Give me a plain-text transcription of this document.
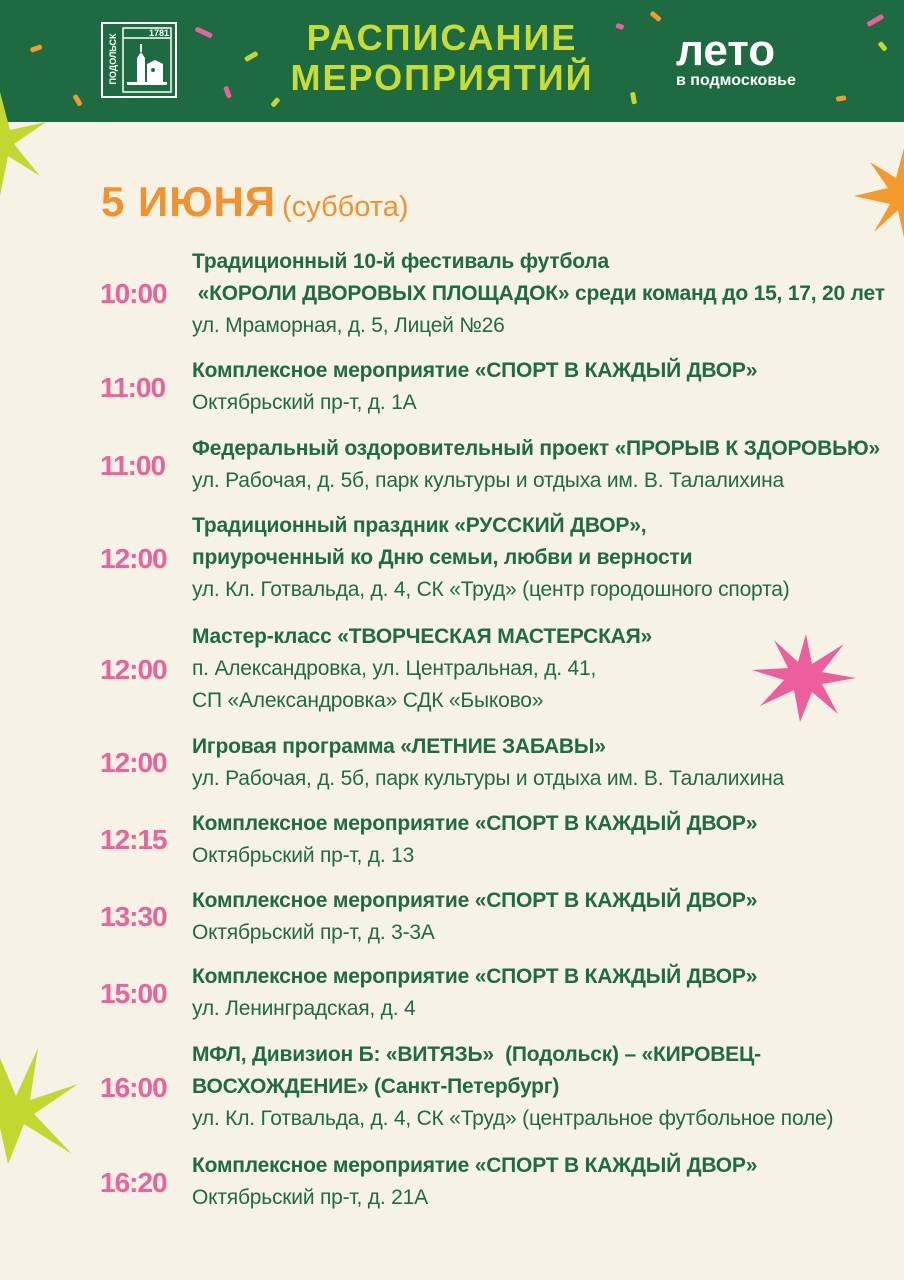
ПОДОЛЬСК
1781	РАСПИСАНИЕ
МЕРОПРИЯТИЙ
лето
в подмосковье
5 ИЮНЯ (суббота)
10:00
Традиционный 10-й фестиваль футбола
«КОРОЛИ ДВОРОВЫХ ПЛОЩАДОК» среди команд до 15, 17, 20 лет
ул. Мраморная, д. 5, Лицей №26
11:00
Комплексное мероприятие «СПОРТ В КАЖДЫЙ ДВОР»
Октябрьский пр-т, д. 1А
11:00
Федеральный оздоровительный проект «ПРОРЫВ К ЗДОРОВЬЮ»
ул. Рабочая, д. 5б, парк культуры и отдыха им. В. Талалихина
12:00
Традиционный праздник «РУССКИЙ ДВОР»,
приуроченный ко Дню семьи, любви и верности
ул. Кл. Готвальда, д. 4, СК «Труд» (центр городошного спорта)
12:00
Мастер-класс «ТВОРЧЕСКАЯ МАСТЕРСКАЯ»
п. Александровка, ул. Центральная, д. 41,
СП «Александровка» СДК «Быково»
12:00
Игровая программа «ЛЕТНИЕ ЗАБАВЫ»
ул. Рабочая, д. 5б, парк культуры и отдыха им. В. Талалихина
12:15
Комплексное мероприятие «СПОРТ В КАЖДЫЙ ДВОР»
Октябрьский пр-т, д. 13
13:30
Комплексное мероприятие «СПОРТ В КАЖДЫЙ ДВОР»
Октябрьский пр-т, д. 3-3А
15:00
Комплексное мероприятие «СПОРТ В КАЖДЫЙ ДВОР»
ул. Ленинградская, д. 4
16:00
МФЛ, Дивизион Б: «ВИТЯЗЬ»  (Подольск) – «КИРОВЕЦ-
ВОСХОЖДЕНИЕ» (Санкт-Петербург)
ул. Кл. Готвальда, д. 4, СК «Труд» (центральное футбольное поле)
16:20
Комплексное мероприятие «СПОРТ В КАЖДЫЙ ДВОР»
Октябрьский пр-т, д. 21А
